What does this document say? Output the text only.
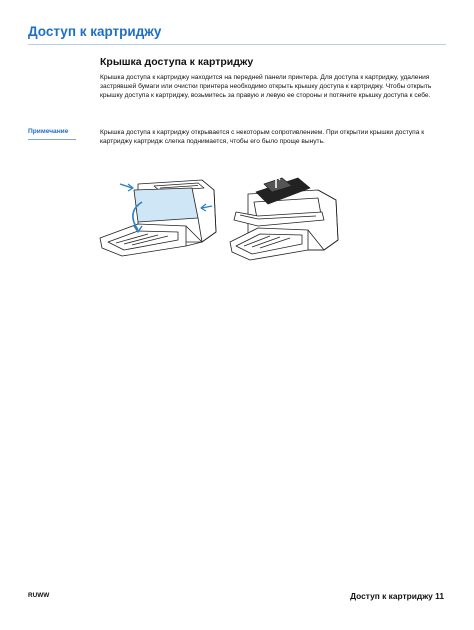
Доступ к картриджу
Крышка доступа к картриджу
Крышка доступа к картриджу находится на передней панели принтера. Для доступа к картриджу, удаления застрявшей бумаги или очистки принтера необходимо открыть крышку доступа к картриджу. Чтобы открыть крышку доступа к картриджу, возьмитесь за правую и левую ее стороны и потяните крышку доступа к себе.
Примечание	Крышка доступа к картриджу открывается с некоторым сопротивлением. При открытии крышки доступа к картриджу картридж слегка поднимается, чтобы его было проще вынуть.
RUWW	Доступ к картриджу 11
